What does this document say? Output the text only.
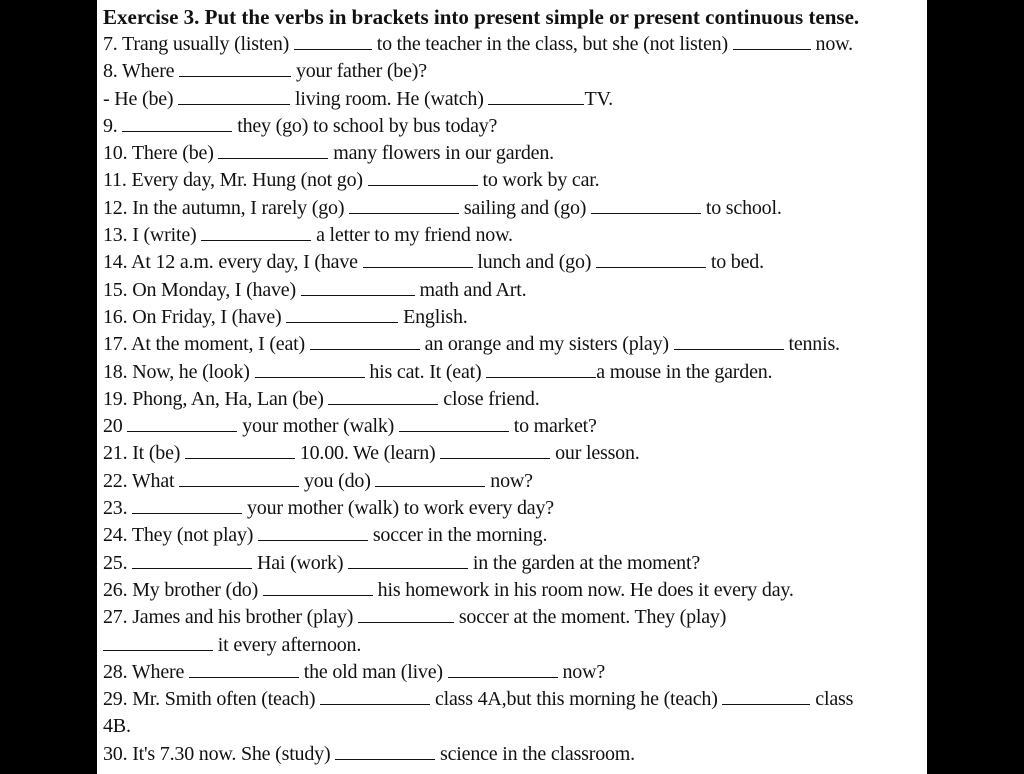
Exercise 3. Put the verbs in brackets into present simple or present continuous tense.
7. Trang usually (listen)	to the teacher in the class, but she (not listen)	now.
8. Where	your father (be)?
- He (be)	living room. He (watch)	TV.
9.	they (go) to school by bus today?
10. There (be)	many flowers in our garden.
11. Every day, Mr. Hung (not go)	to work by car.
12. In the autumn, I rarely (go)	sailing and (go)	to school.
13. I (write)	a letter to my friend now.
14. At 12 a.m. every day, I (have	lunch and (go)	to bed.
15. On Monday, I (have)	math and Art.
16. On Friday, I (have)	English.
17. At the moment, I (eat)	an orange and my sisters (play)	tennis.
18. Now, he (look)	his cat. It (eat)	a mouse in the garden.
19. Phong, An, Ha, Lan (be)	close friend.
20	your mother (walk)	to market?
21. It (be)	10.00. We (learn)	our lesson.
22. What	you (do)	now?
23.	your mother (walk) to work every day?
24. They (not play)	soccer in the morning.
25.	Hai (work)	in the garden at the moment?
26. My brother (do)	his homework in his room now. He does it every day.
27. James and his brother (play)	soccer at the moment. They (play)
it every afternoon.
28. Where	the old man (live)	now?
29. Mr. Smith often (teach)	class 4A,but this morning he (teach)	class
4B.
30. It's 7.30 now. She (study)	science in the classroom.
